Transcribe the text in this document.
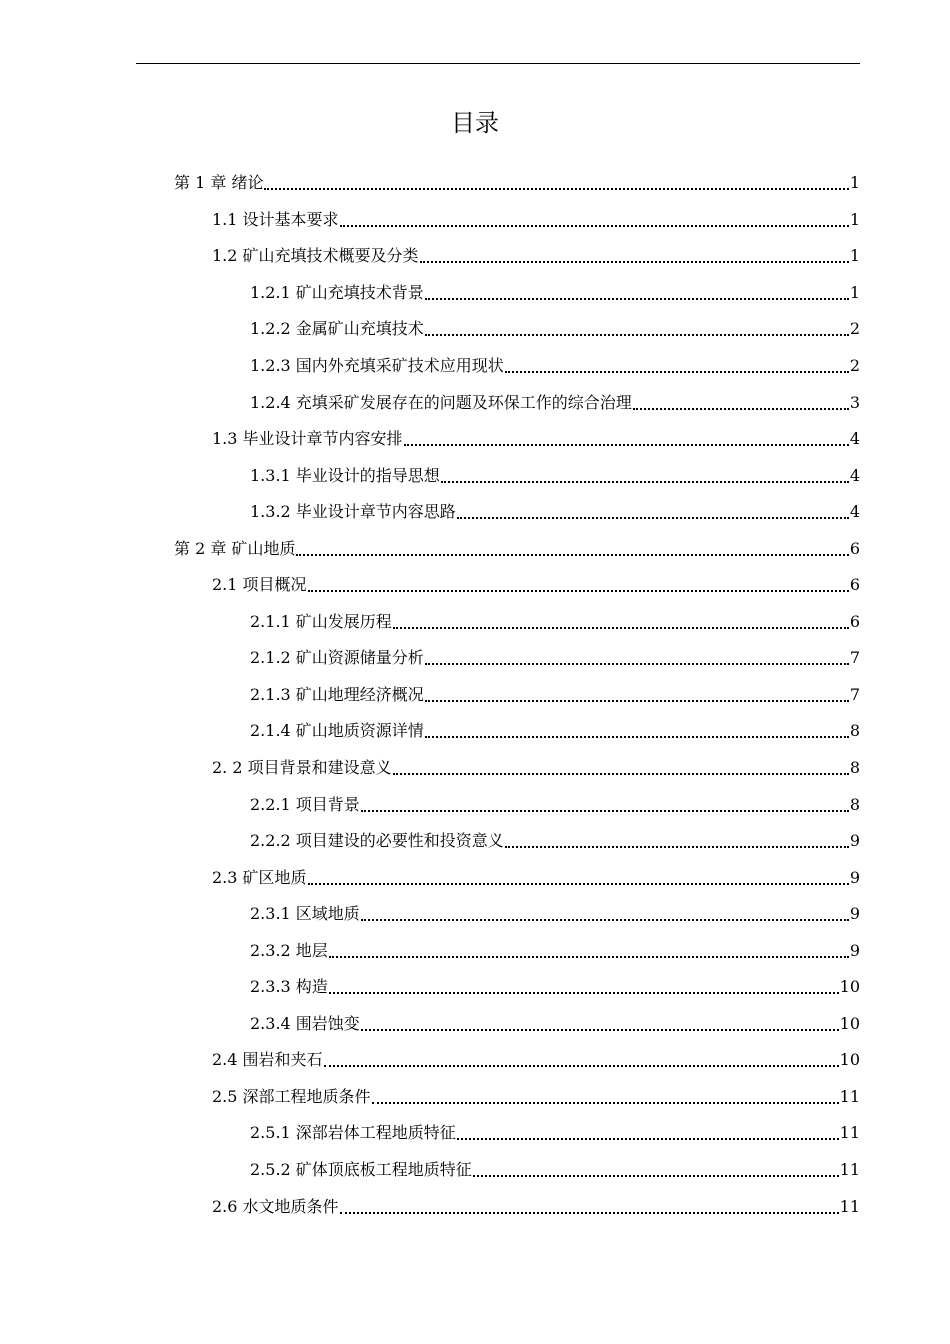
目录
第 1 章 绪论	1
1.1 设计基本要求	1
1.2 矿山充填技术概要及分类	1
1.2.1 矿山充填技术背景	1
1.2.2 金属矿山充填技术	2
1.2.3 国内外充填采矿技术应用现状	2
1.2.4 充填采矿发展存在的问题及环保工作的综合治理	3
1.3 毕业设计章节内容安排	4
1.3.1 毕业设计的指导思想	4
1.3.2 毕业设计章节内容思路	4
第 2 章 矿山地质	6
2.1 项目概况	6
2.1.1 矿山发展历程	6
2.1.2 矿山资源储量分析	7
2.1.3 矿山地理经济概况	7
2.1.4 矿山地质资源详情	8
2. 2 项目背景和建设意义	8
2.2.1 项目背景	8
2.2.2 项目建设的必要性和投资意义	9
2.3 矿区地质	9
2.3.1 区域地质	9
2.3.2 地层	9
2.3.3 构造	10
2.3.4 围岩蚀变	10
2.4 围岩和夹石	10
2.5 深部工程地质条件	11
2.5.1 深部岩体工程地质特征	11
2.5.2 矿体顶底板工程地质特征	11
2.6 水文地质条件	11
